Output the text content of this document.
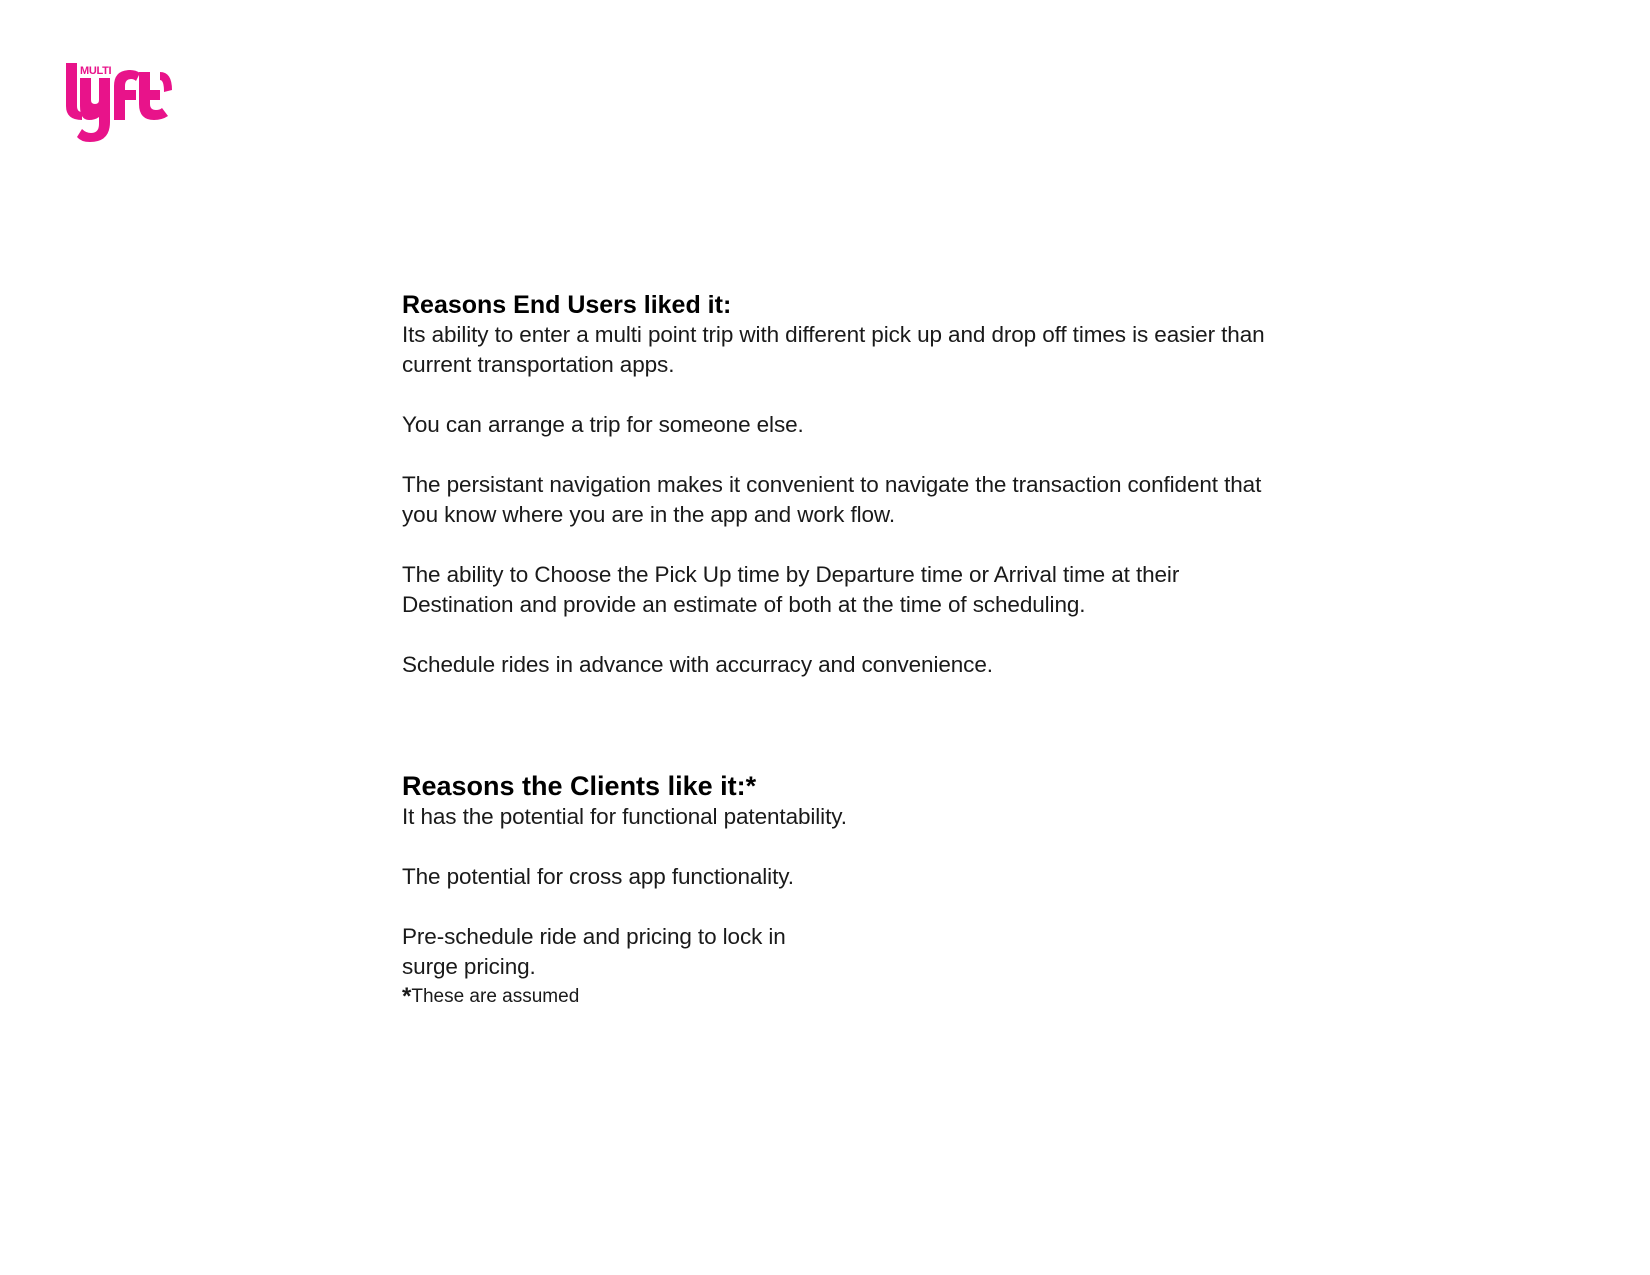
MULTI
Reasons End Users liked it:

Its ability to enter a multi point trip with different pick up and drop off times is easier than current transportation apps.

You can arrange a trip for someone else.

The persistant navigation makes it convenient to navigate the transaction confident that you know where you are in the app and work flow.

The ability to Choose the Pick Up time by Departure time or Arrival time at their Destination and provide an estimate of both at the time of scheduling.

Schedule rides in advance with accurracy and convenience.

Reasons the Clients like it:*

It has the potential for functional patentability.

The potential for cross app functionality.

Pre-schedule ride and pricing to lock in surge pricing.

*These are assumed
